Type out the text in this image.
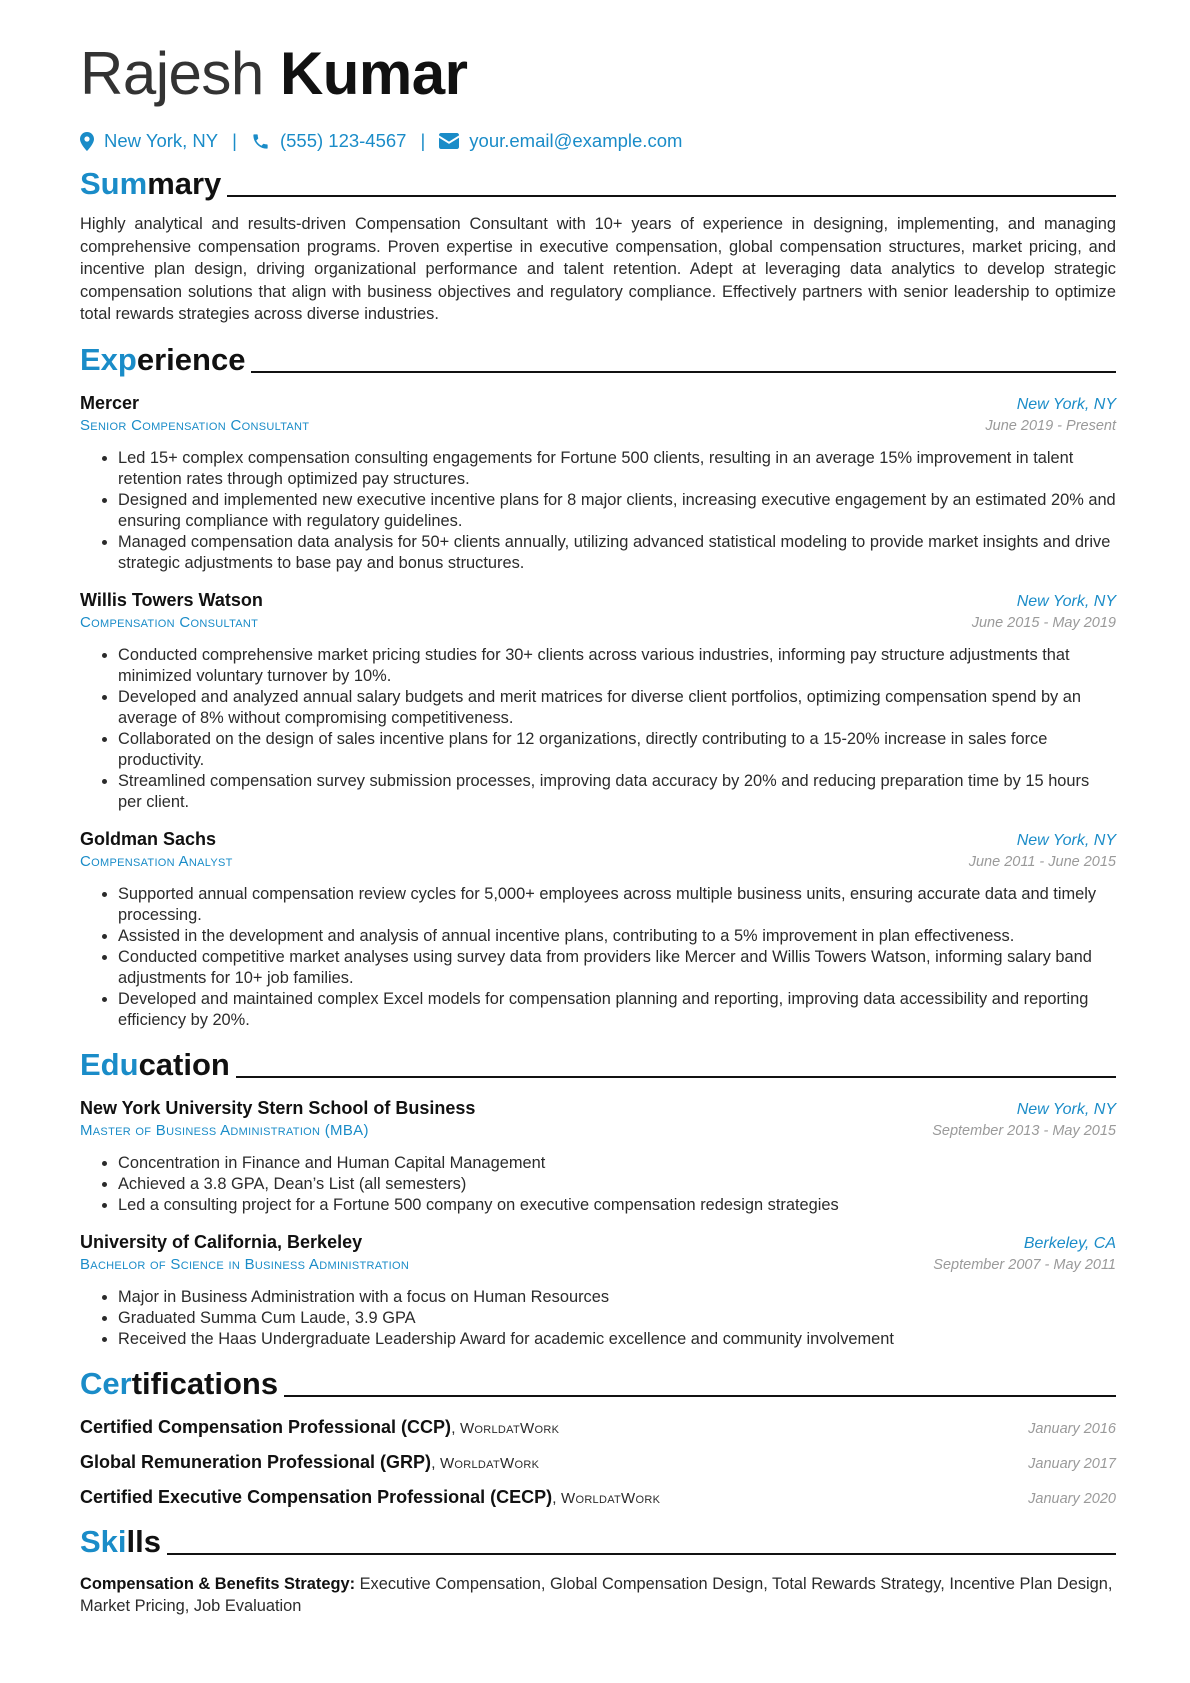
Rajesh Kumar
New York, NY | (555) 123-4567 | your.email@example.com
Summary
Highly analytical and results-driven Compensation Consultant with 10+ years of experience in designing, implementing, and managing comprehensive compensation programs. Proven expertise in executive compensation, global compensation structures, market pricing, and incentive plan design, driving organizational performance and talent retention. Adept at leveraging data analytics to develop strategic compensation solutions that align with business objectives and regulatory compliance. Effectively partners with senior leadership to optimize total rewards strategies across diverse industries.
Experience
Mercer	New York, NY
Senior Compensation Consultant	June 2019 - Present
• Led 15+ complex compensation consulting engagements for Fortune 500 clients, resulting in an average 15% improvement in talent retention rates through optimized pay structures.
• Designed and implemented new executive incentive plans for 8 major clients, increasing executive engagement by an estimated 20% and ensuring compliance with regulatory guidelines.
• Managed compensation data analysis for 50+ clients annually, utilizing advanced statistical modeling to provide market insights and drive strategic adjustments to base pay and bonus structures.
Willis Towers Watson	New York, NY
Compensation Consultant	June 2015 - May 2019
• Conducted comprehensive market pricing studies for 30+ clients across various industries, informing pay structure adjustments that minimized voluntary turnover by 10%.
• Developed and analyzed annual salary budgets and merit matrices for diverse client portfolios, optimizing compensation spend by an average of 8% without compromising competitiveness.
• Collaborated on the design of sales incentive plans for 12 organizations, directly contributing to a 15-20% increase in sales force productivity.
• Streamlined compensation survey submission processes, improving data accuracy by 20% and reducing preparation time by 15 hours per client.
Goldman Sachs	New York, NY
Compensation Analyst	June 2011 - June 2015
• Supported annual compensation review cycles for 5,000+ employees across multiple business units, ensuring accurate data and timely processing.
• Assisted in the development and analysis of annual incentive plans, contributing to a 5% improvement in plan effectiveness.
• Conducted competitive market analyses using survey data from providers like Mercer and Willis Towers Watson, informing salary band adjustments for 10+ job families.
• Developed and maintained complex Excel models for compensation planning and reporting, improving data accessibility and reporting efficiency by 20%.
Education
New York University Stern School of Business	New York, NY
Master of Business Administration (MBA)	September 2013 - May 2015
• Concentration in Finance and Human Capital Management
• Achieved a 3.8 GPA, Dean’s List (all semesters)
• Led a consulting project for a Fortune 500 company on executive compensation redesign strategies
University of California, Berkeley	Berkeley, CA
Bachelor of Science in Business Administration	September 2007 - May 2011
• Major in Business Administration with a focus on Human Resources
• Graduated Summa Cum Laude, 3.9 GPA
• Received the Haas Undergraduate Leadership Award for academic excellence and community involvement
Certifications
Certified Compensation Professional (CCP), WorldatWork	January 2016
Global Remuneration Professional (GRP), WorldatWork	January 2017
Certified Executive Compensation Professional (CECP), WorldatWork	January 2020
Skills
Compensation & Benefits Strategy: Executive Compensation, Global Compensation Design, Total Rewards Strategy, Incentive Plan Design, Market Pricing, Job Evaluation
